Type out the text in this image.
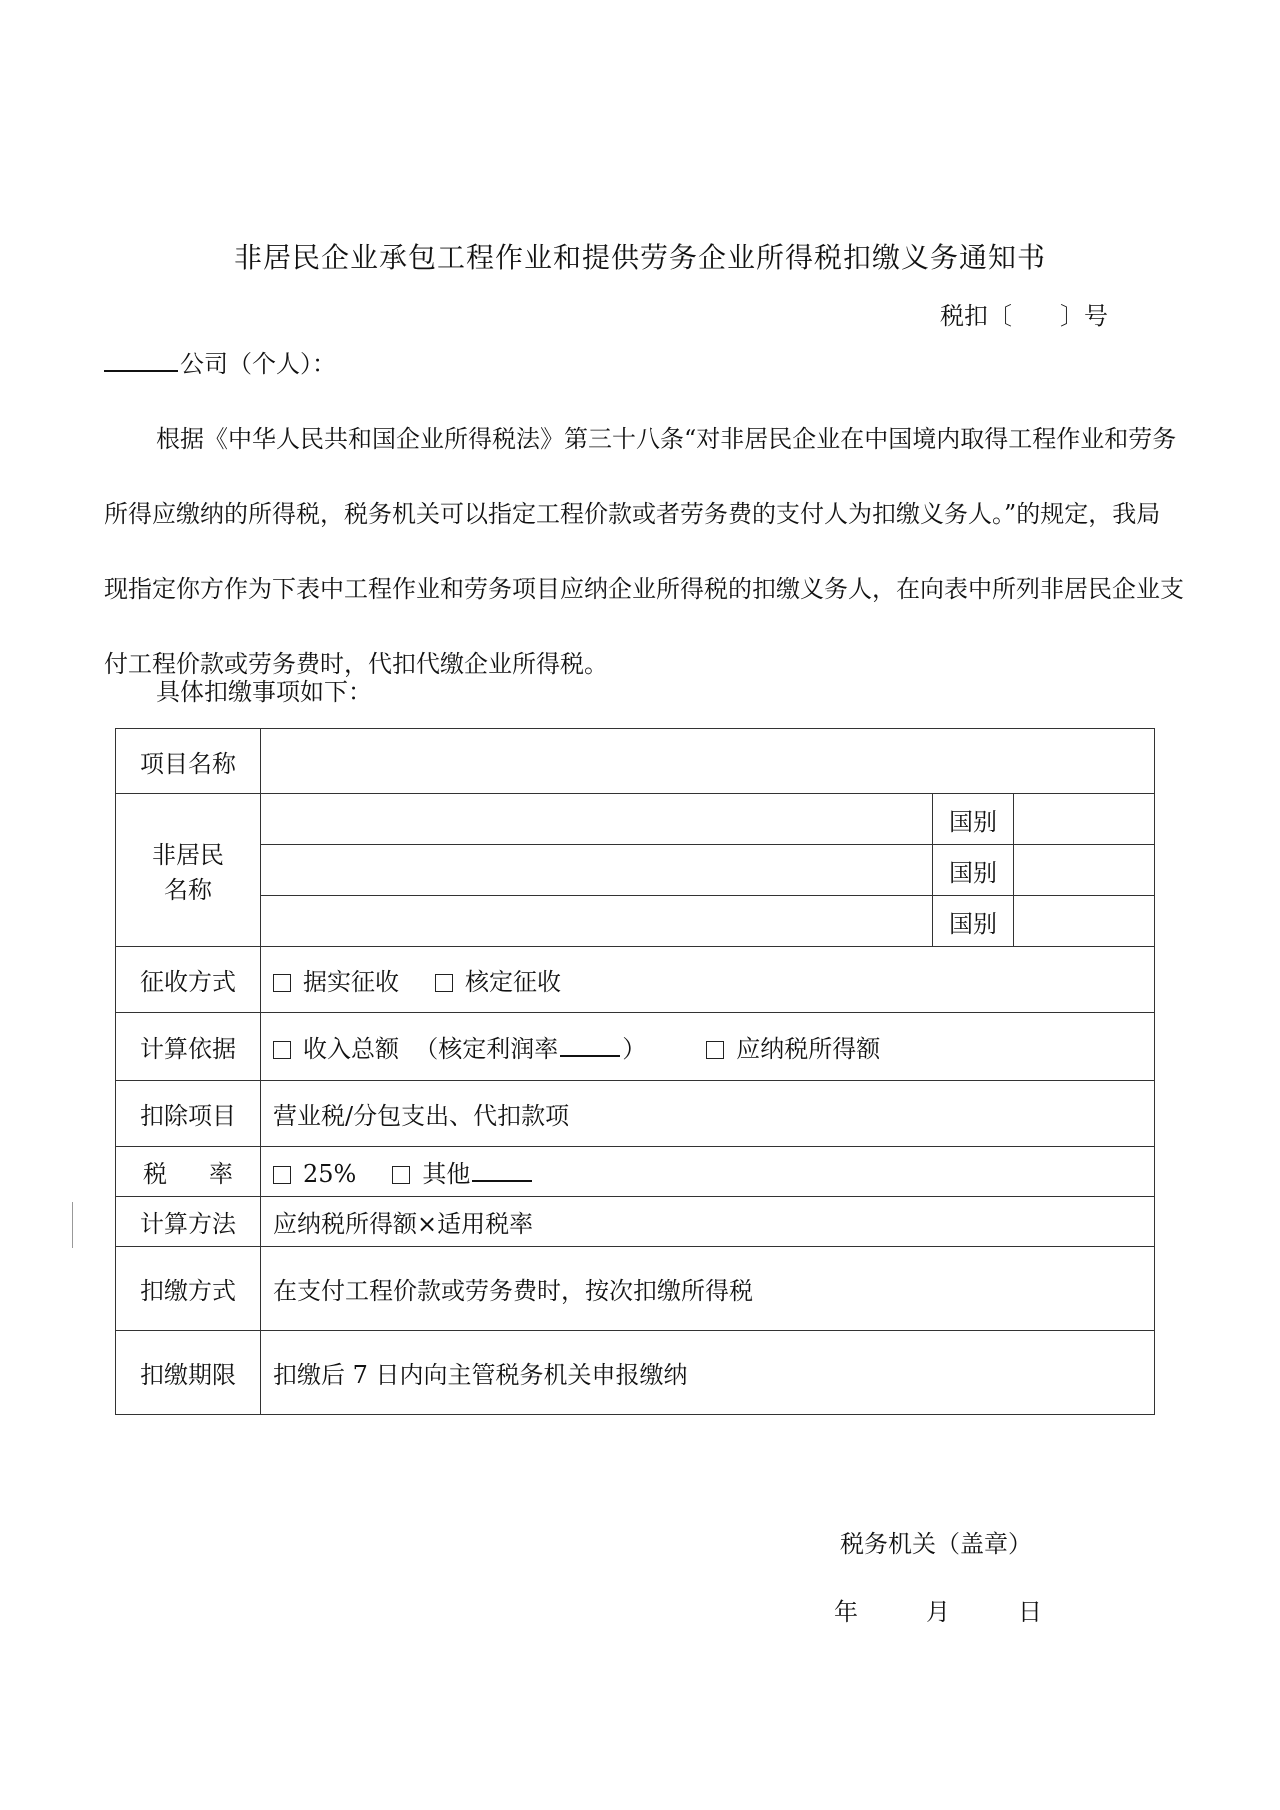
非居民企业承包工程作业和提供劳务企业所得税扣缴义务通知书
税扣〔　　〕号
公司（个人）：
根据《中华人民共和国企业所得税法》第三十八条“对非居民企业在中国境内取得工程作业和劳务所得应缴纳的所得税，税务机关可以指定工程价款或者劳务费的支付人为扣缴义务人。”的规定，我局现指定你方作为下表中工程作业和劳务项目应纳企业所得税的扣缴义务人，在向表中所列非居民企业支付工程价款或劳务费时，代扣代缴企业所得税。
具体扣缴事项如下：
项目名称			

非居民
名称		国别	
		国别	
		国别	
征收方式	据实征收 核定征收		
计算依据	收入总额 （核定利润率 ） 应纳税所得额		
扣除项目	营业税/分包支出、代扣款项		
税率	25% 其他		
计算方法	应纳税所得额×适用税率		
扣缴方式	在支付工程价款或劳务费时，按次扣缴所得税		
扣缴期限	扣缴后 7 日内向主管税务机关申报缴纳		
税务机关（盖章）
年	月	日
